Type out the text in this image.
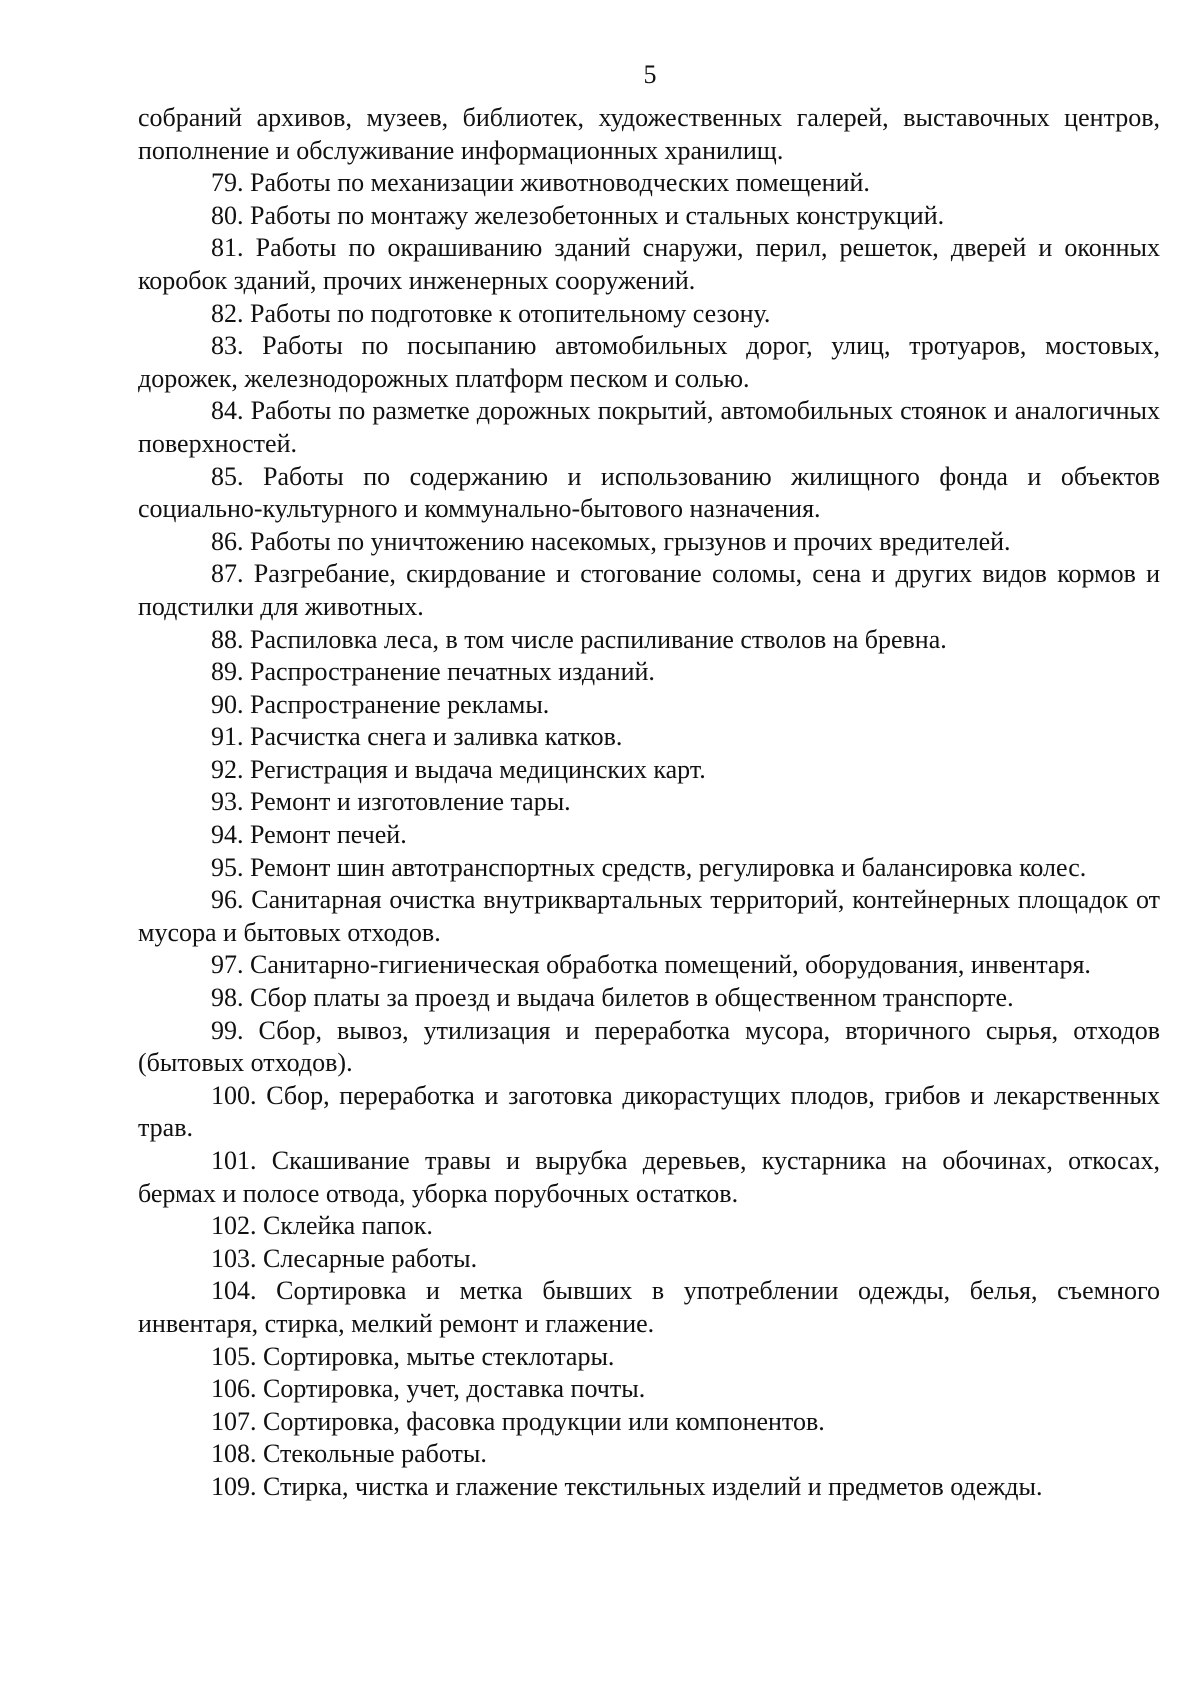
5

собраний архивов, музеев, библиотек, художественных галерей, выставочных центров, пополнение и обслуживание информационных хранилищ.

79. Работы по механизации животноводческих помещений.

80. Работы по монтажу железобетонных и стальных конструкций.

81. Работы по окрашиванию зданий снаружи, перил, решеток, дверей и оконных коробок зданий, прочих инженерных сооружений.

82. Работы по подготовке к отопительному сезону.

83. Работы по посыпанию автомобильных дорог, улиц, тротуаров, мостовых, дорожек, железнодорожных платформ песком и солью.

84. Работы по разметке дорожных покрытий, автомобильных стоянок и аналогичных поверхностей.

85. Работы по содержанию и использованию жилищного фонда и объектов социально-культурного и коммунально-бытового назначения.

86. Работы по уничтожению насекомых, грызунов и прочих вредителей.

87. Разгребание, скирдование и стогование соломы, сена и других видов кормов и подстилки для животных.

88. Распиловка леса, в том числе распиливание стволов на бревна.

89. Распространение печатных изданий.

90. Распространение рекламы.

91. Расчистка снега и заливка катков.

92. Регистрация и выдача медицинских карт.

93. Ремонт и изготовление тары.

94. Ремонт печей.

95. Ремонт шин автотранспортных средств, регулировка и балансировка колес.

96. Санитарная очистка внутриквартальных территорий, контейнерных площадок от мусора и бытовых отходов.

97. Санитарно-гигиеническая обработка помещений, оборудования, инвентаря.

98. Сбор платы за проезд и выдача билетов в общественном транспорте.

99. Сбор, вывоз, утилизация и переработка мусора, вторичного сырья, отходов (бытовых отходов).

100. Сбор, переработка и заготовка дикорастущих плодов, грибов и лекарственных трав.

101. Скашивание травы и вырубка деревьев, кустарника на обочинах, откосах, бермах и полосе отвода, уборка порубочных остатков.

102. Склейка папок.

103. Слесарные работы.

104. Сортировка и метка бывших в употреблении одежды, белья, съемного инвентаря, стирка, мелкий ремонт и глажение.

105. Сортировка, мытье стеклотары.

106. Сортировка, учет, доставка почты.

107. Сортировка, фасовка продукции или компонентов.

108. Стекольные работы.

109. Стирка, чистка и глажение текстильных изделий и предметов одежды.
